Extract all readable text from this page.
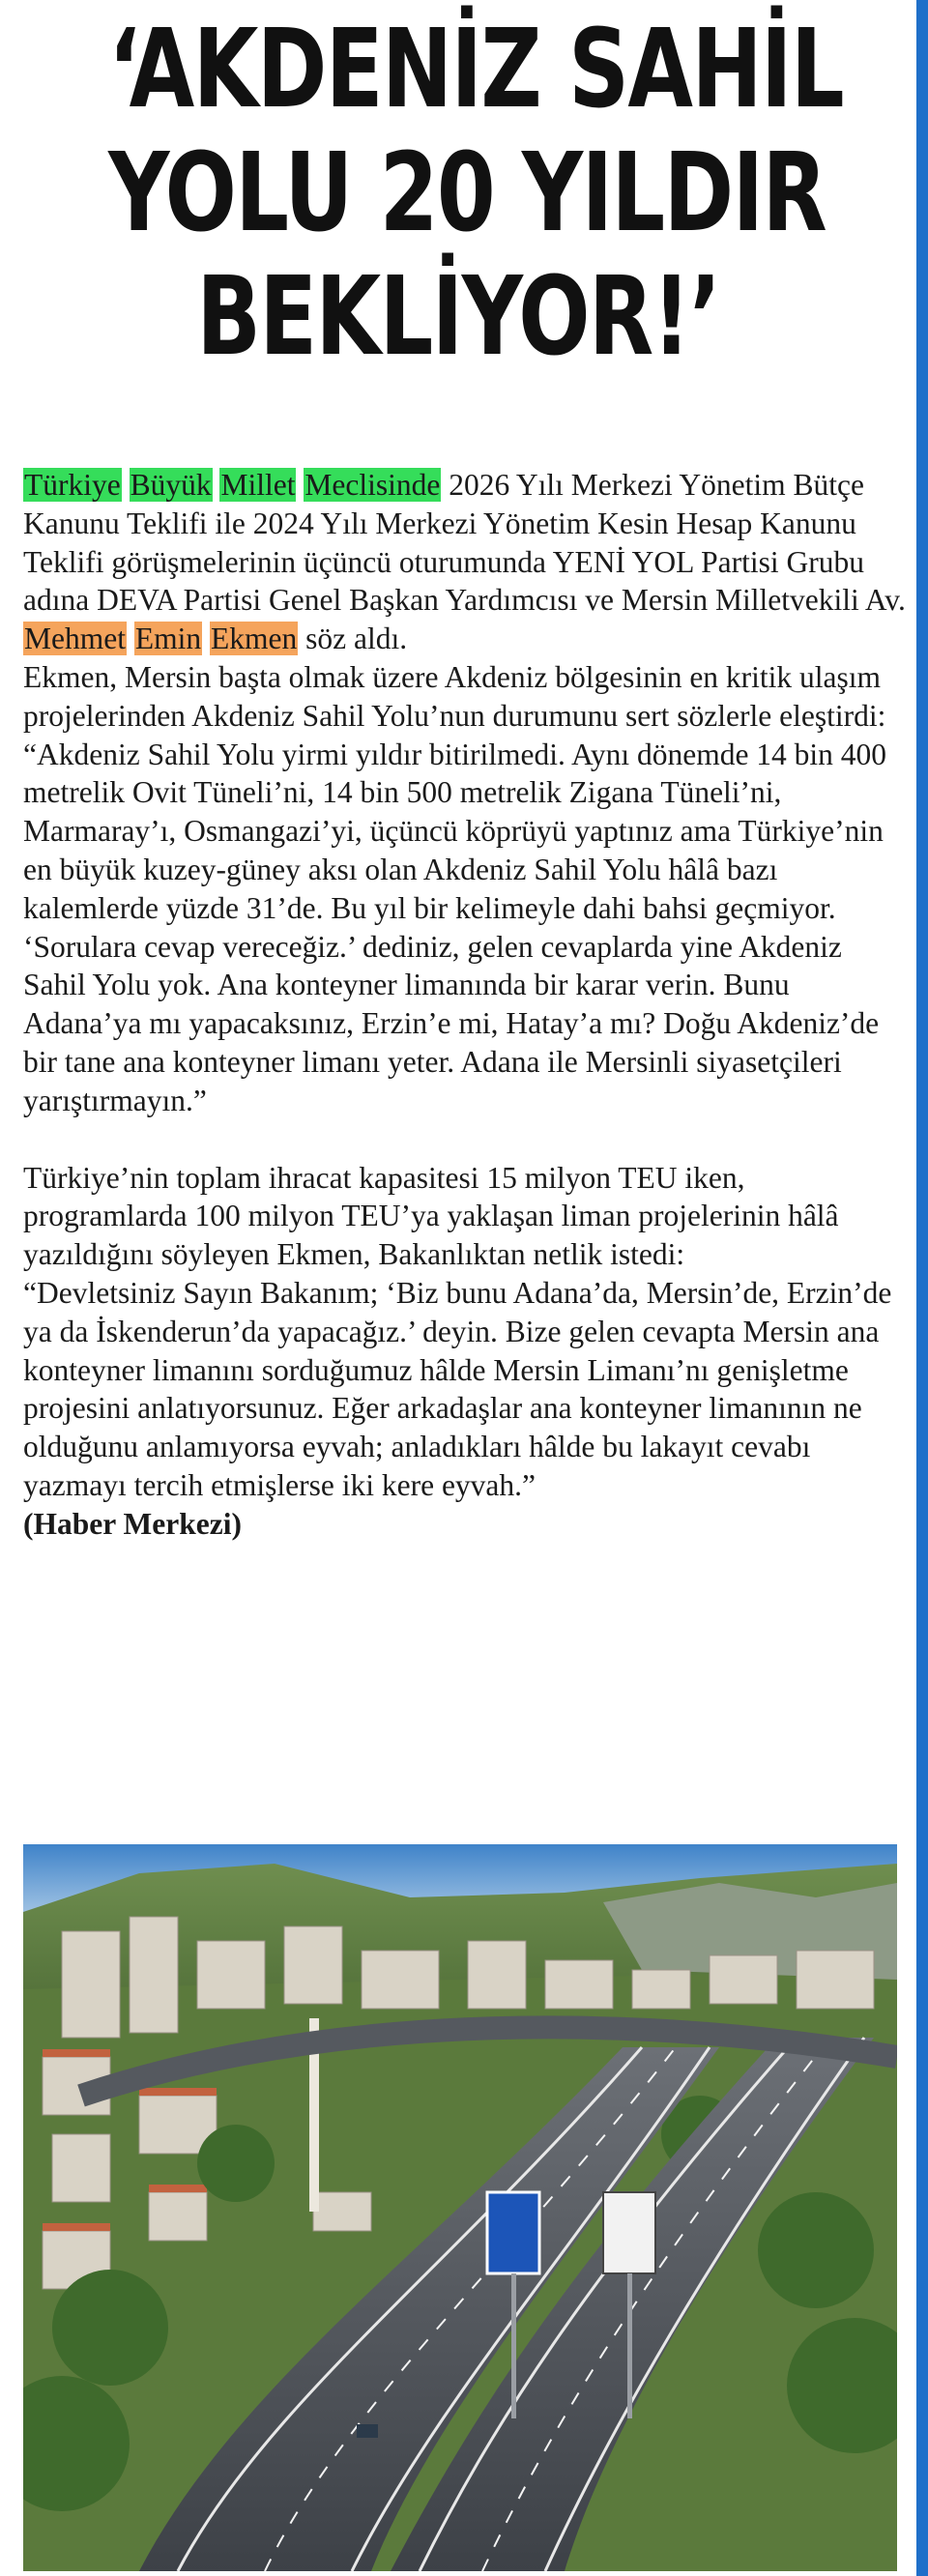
‘AKDENİZ SAHİL
YOLU 20 YILDIR
BEKLİYOR!’

Türkiye Büyük Millet Meclisinde 2026 Yılı Merkezi Yönetim Bütçe Kanunu Teklifi ile 2024 Yılı Merkezi Yönetim Kesin Hesap Kanunu Teklifi görüşmelerinin üçüncü oturumunda YENİ YOL Partisi Grubu adına DEVA Partisi Genel Başkan Yardımcısı ve Mersin Milletvekili Av. Mehmet Emin Ekmen söz aldı.

Ekmen, Mersin başta olmak üzere Akdeniz bölgesinin en kritik ulaşım projelerinden Akdeniz Sahil Yolu’nun durumunu sert sözlerle eleştirdi:

“Akdeniz Sahil Yolu yirmi yıldır bitirilmedi. Aynı dönemde 14 bin 400 metrelik Ovit Tüneli’ni, 14 bin 500 metrelik Zigana Tüneli’ni, Marmaray’ı, Osmangazi’yi, üçüncü köprüyü yaptınız ama Türkiye’nin en büyük kuzey-güney aksı olan Akdeniz Sahil Yolu hâlâ bazı kalemlerde yüzde 31’de. Bu yıl bir kelimeyle dahi bahsi geçmiyor. ‘Sorulara cevap vereceğiz.’ dediniz, gelen cevaplarda yine Akdeniz Sahil Yolu yok. Ana konteyner limanında bir karar verin. Bunu Adana’ya mı yapacaksınız, Erzin’e mi, Hatay’a mı? Doğu Akdeniz’de bir tane ana konteyner limanı yeter. Adana ile Mersinli siyasetçileri yarıştırmayın.”

Türkiye’nin toplam ihracat kapasitesi 15 milyon TEU iken, programlarda 100 milyon TEU’ya yaklaşan liman projelerinin hâlâ yazıldığını söyleyen Ekmen, Bakanlıktan netlik istedi:

“Devletsiniz Sayın Bakanım; ‘Biz bunu Adana’da, Mersin’de, Erzin’de ya da İskenderun’da yapacağız.’ deyin. Bize gelen cevapta Mersin ana konteyner limanını sorduğumuz hâlde Mersin Limanı’nı genişletme projesini anlatıyorsunuz. Eğer arkadaşlar ana konteyner limanının ne olduğunu anlamıyorsa eyvah; anladıkları hâlde bu lakayıt cevabı yazmayı tercih etmişlerse iki kere eyvah.”

(Haber Merkezi)
